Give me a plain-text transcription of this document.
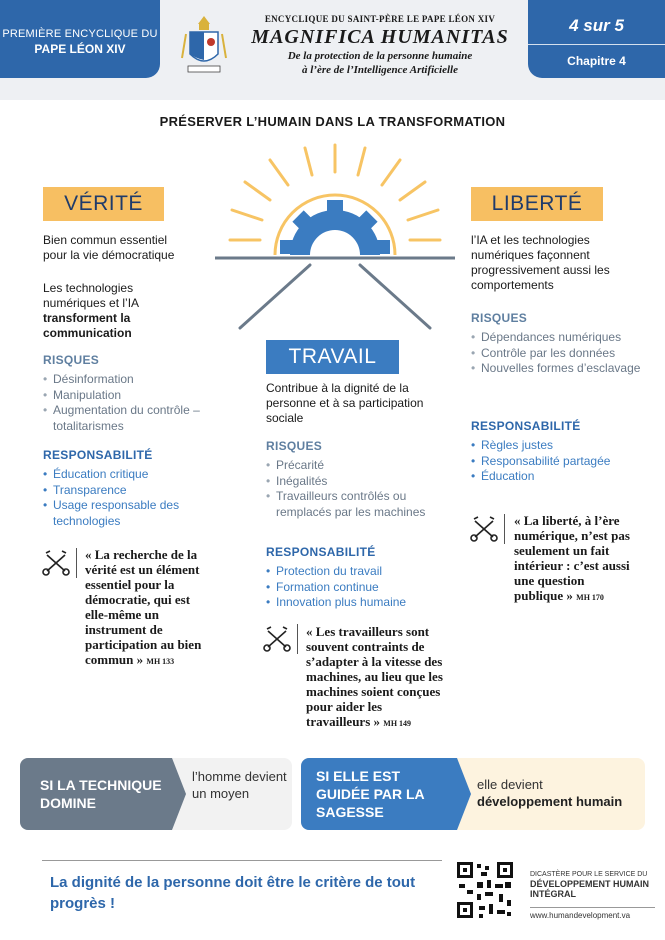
PREMIÈRE ENCYCLIQUE DU
PAPE LÉON XIV
ENCYCLIQUE DU SAINT-PÈRE LE PAPE LÉON XIV
MAGNIFICA HUMANITAS
De la protection de la personne humaine
à l’ère de l’Intelligence Artificielle
4 sur 5
Chapitre 4
PRÉSERVER L’HUMAIN DANS LA TRANSFORMATION
VÉRITÉ
Bien commun essentiel pour la vie démocratique
Les technologies numériques et l’IA
transforment la communication
RISQUES
• Désinformation
• Manipulation
• Augmentation du contrôle – totalitarismes
RESPONSABILITÉ
• Éducation critique
• Transparence
• Usage responsable des technologies
« La recherche de la vérité est un élément essentiel pour la démocratie, qui est elle-même un instrument de participation au bien commun » MH 133
TRAVAIL
Contribue à la dignité de la personne et à sa participation sociale
RISQUES
• Précarité
• Inégalités
• Travailleurs contrôlés ou remplacés par les machines
RESPONSABILITÉ
• Protection du travail
• Formation continue
• Innovation plus humaine
« Les travailleurs sont souvent contraints de s’adapter à la vitesse des machines, au lieu que les machines soient conçues pour aider les travailleurs » MH 149
LIBERTÉ
l’IA et les technologies numériques façonnent progressivement aussi les comportements
RISQUES
• Dépendances numériques
• Contrôle par les données
• Nouvelles formes d’esclavage
RESPONSABILITÉ
• Règles justes
• Responsabilité partagée
• Éducation
« La liberté, à l’ère numérique, n’est pas seulement un fait intérieur : c’est aussi une question publique » MH 170
SI LA TECHNIQUE DOMINE
l’homme devient un moyen
SI ELLE EST GUIDÉE PAR LA SAGESSE
elle devient
développement humain
La dignité de la personne doit être le critère de tout progrès !
DICASTÈRE POUR LE SERVICE DU
DÉVELOPPEMENT HUMAIN INTÉGRAL
www.humandevelopment.va
